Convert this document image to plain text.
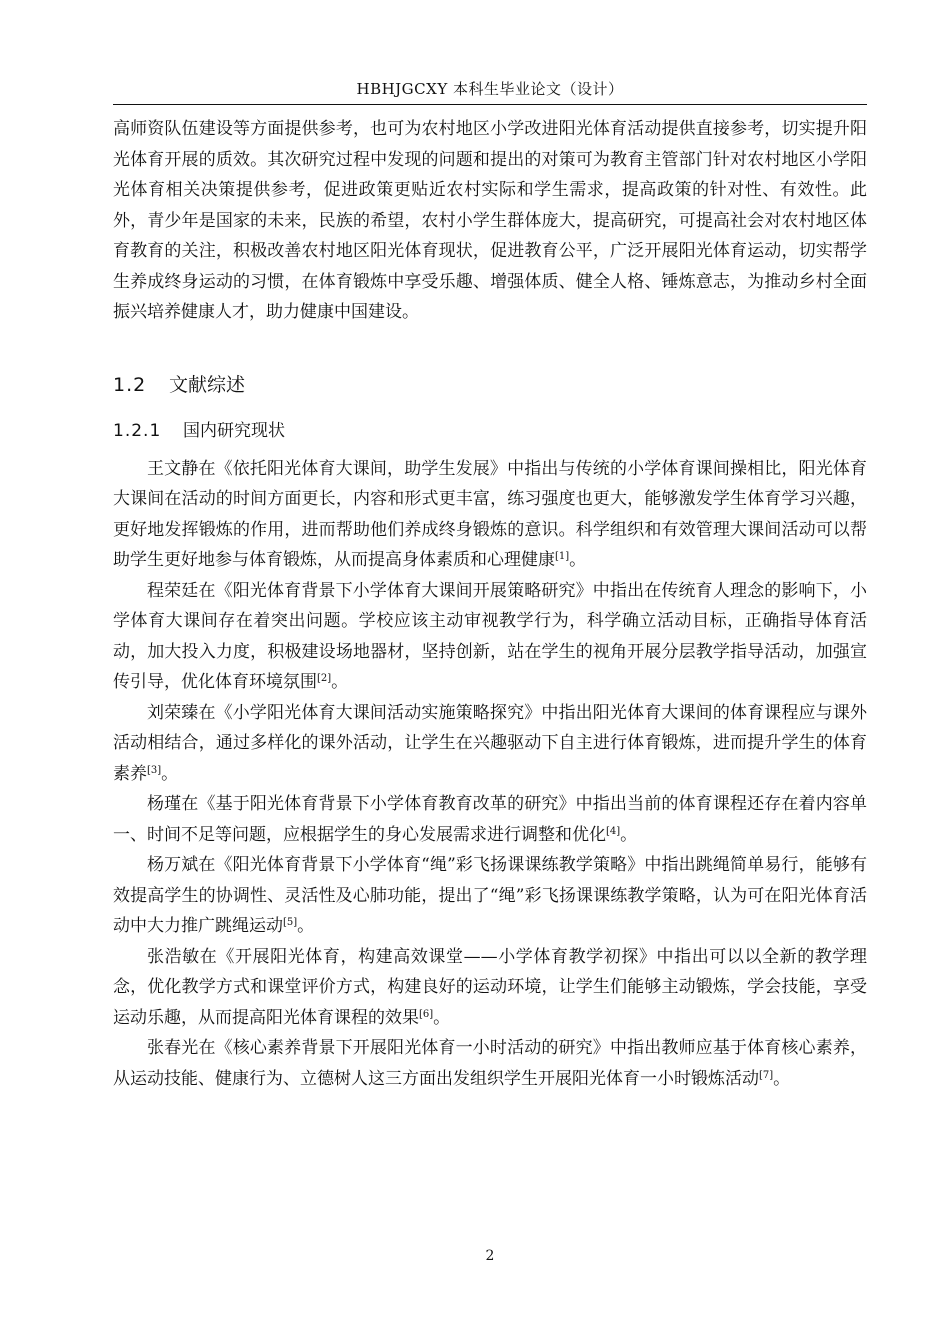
HBHJGCXY 本科生毕业论文（设计）

高师资队伍建设等方面提供参考，也可为农村地区小学改进阳光体育活动提供直接参考，切实提升阳光体育开展的质效。其次研究过程中发现的问题和提出的对策可为教育主管部门针对农村地区小学阳光体育相关决策提供参考，促进政策更贴近农村实际和学生需求，提高政策的针对性、有效性。此外，青少年是国家的未来，民族的希望，农村小学生群体庞大，提高研究，可提高社会对农村地区体育教育的关注，积极改善农村地区阳光体育现状，促进教育公平，广泛开展阳光体育运动，切实帮学生养成终身运动的习惯，在体育锻炼中享受乐趣、增强体质、健全人格、锤炼意志，为推动乡村全面振兴培养健康人才，助力健康中国建设。

1.2	文献综述
1.2.1	国内研究现状

王文静在《依托阳光体育大课间，助学生发展》中指出与传统的小学体育课间操相比，阳光体育大课间在活动的时间方面更长，内容和形式更丰富，练习强度也更大，能够激发学生体育学习兴趣，更好地发挥锻炼的作用，进而帮助他们养成终身锻炼的意识。科学组织和有效管理大课间活动可以帮助学生更好地参与体育锻炼，从而提高身体素质和心理健康[1]。

程荣廷在《阳光体育背景下小学体育大课间开展策略研究》中指出在传统育人理念的影响下，小学体育大课间存在着突出问题。学校应该主动审视教学行为，科学确立活动目标，正确指导体育活动，加大投入力度，积极建设场地器材，坚持创新，站在学生的视角开展分层教学指导活动，加强宣传引导，优化体育环境氛围[2]。

刘荣臻在《小学阳光体育大课间活动实施策略探究》中指出阳光体育大课间的体育课程应与课外活动相结合，通过多样化的课外活动，让学生在兴趣驱动下自主进行体育锻炼，进而提升学生的体育素养[3]。

杨瑾在《基于阳光体育背景下小学体育教育改革的研究》中指出当前的体育课程还存在着内容单一、时间不足等问题，应根据学生的身心发展需求进行调整和优化[4]。

杨万斌在《阳光体育背景下小学体育“绳”彩飞扬课课练教学策略》中指出跳绳简单易行，能够有效提高学生的协调性、灵活性及心肺功能，提出了“绳”彩飞扬课课练教学策略，认为可在阳光体育活动中大力推广跳绳运动[5]。

张浩敏在《开展阳光体育，构建高效课堂——小学体育教学初探》中指出可以以全新的教学理念，优化教学方式和课堂评价方式，构建良好的运动环境，让学生们能够主动锻炼，学会技能，享受运动乐趣，从而提高阳光体育课程的效果[6]。

张春光在《核心素养背景下开展阳光体育一小时活动的研究》中指出教师应基于体育核心素养，从运动技能、健康行为、立德树人这三方面出发组织学生开展阳光体育一小时锻炼活动[7]。

2
